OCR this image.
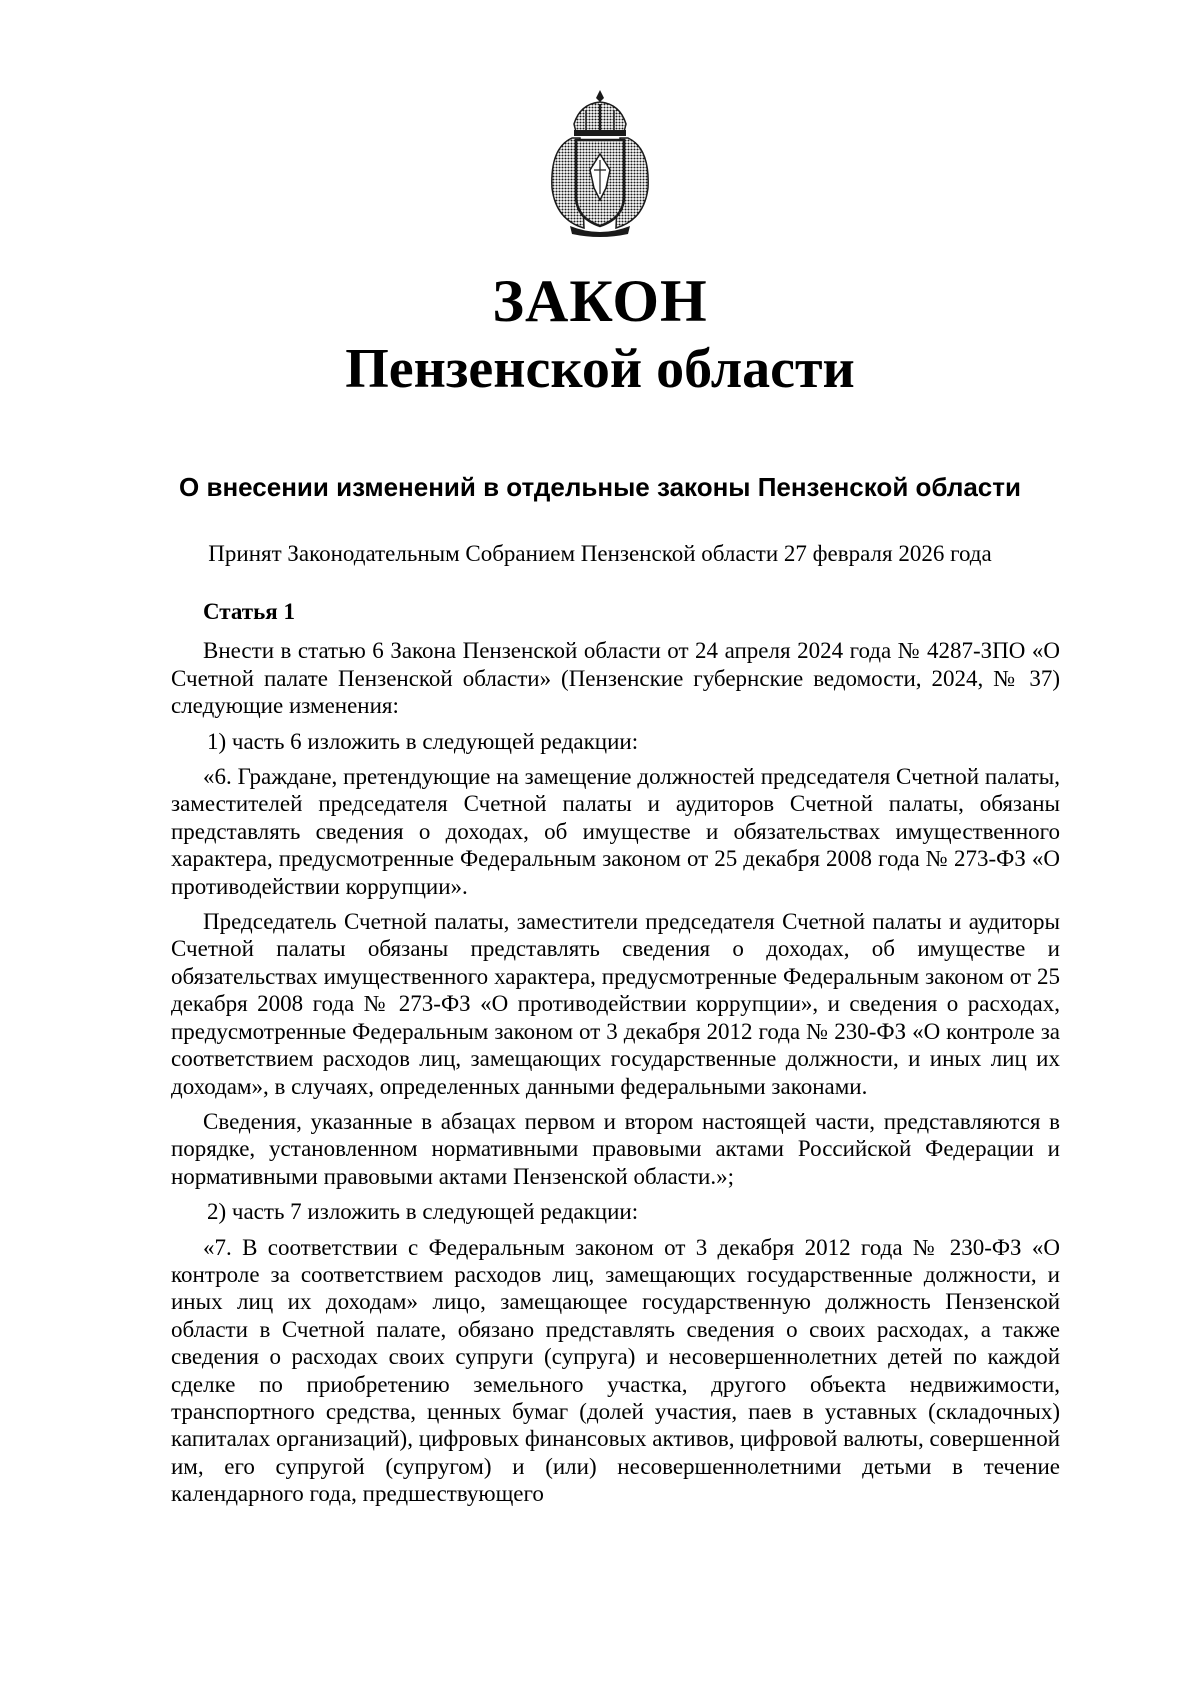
ЗАКОН
Пензенской области
О внесении изменений в отдельные законы Пензенской области
Принят Законодательным Собранием Пензенской области 27 февраля 2026 года
Статья 1

Внести в статью 6 Закона Пензенской области от 24 апреля 2024 года № 4287-ЗПО «О Счетной палате Пензенской области» (Пензенские губернские ведомости, 2024, № 37) следующие изменения:

1) часть 6 изложить в следующей редакции:

«6. Граждане, претендующие на замещение должностей председателя Счетной палаты, заместителей председателя Счетной палаты и аудиторов Счетной палаты, обязаны представлять сведения о доходах, об имуществе и обязательствах имущественного характера, предусмотренные Федеральным законом от 25 декабря 2008 года № 273-ФЗ «О противодействии коррупции».

Председатель Счетной палаты, заместители председателя Счетной палаты и аудиторы Счетной палаты обязаны представлять сведения о доходах, об имуществе и обязательствах имущественного характера, предусмотренные Федеральным законом от 25 декабря 2008 года № 273-ФЗ «О противодействии коррупции», и сведения о расходах, предусмотренные Федеральным законом от 3 декабря 2012 года № 230-ФЗ «О контроле за соответствием расходов лиц, замещающих государственные должности, и иных лиц их доходам», в случаях, определенных данными федеральными законами.

Сведения, указанные в абзацах первом и втором настоящей части, представляются в порядке, установленном нормативными правовыми актами Российской Федерации и нормативными правовыми актами Пензенской области.»;

2) часть 7 изложить в следующей редакции:

«7. В соответствии с Федеральным законом от 3 декабря 2012 года № 230-ФЗ «О контроле за соответствием расходов лиц, замещающих государственные должности, и иных лиц их доходам» лицо, замещающее государственную должность Пензенской области в Счетной палате, обязано представлять сведения о своих расходах, а также сведения о расходах своих супруги (супруга) и несовершеннолетних детей по каждой сделке по приобретению земельного участка, другого объекта недвижимости, транспортного средства, ценных бумаг (долей участия, паев в уставных (складочных) капиталах организаций), цифровых финансовых активов, цифровой валюты, совершенной им, его супругой (супругом) и (или) несовершеннолетними детьми в течение календарного года, предшествующего
